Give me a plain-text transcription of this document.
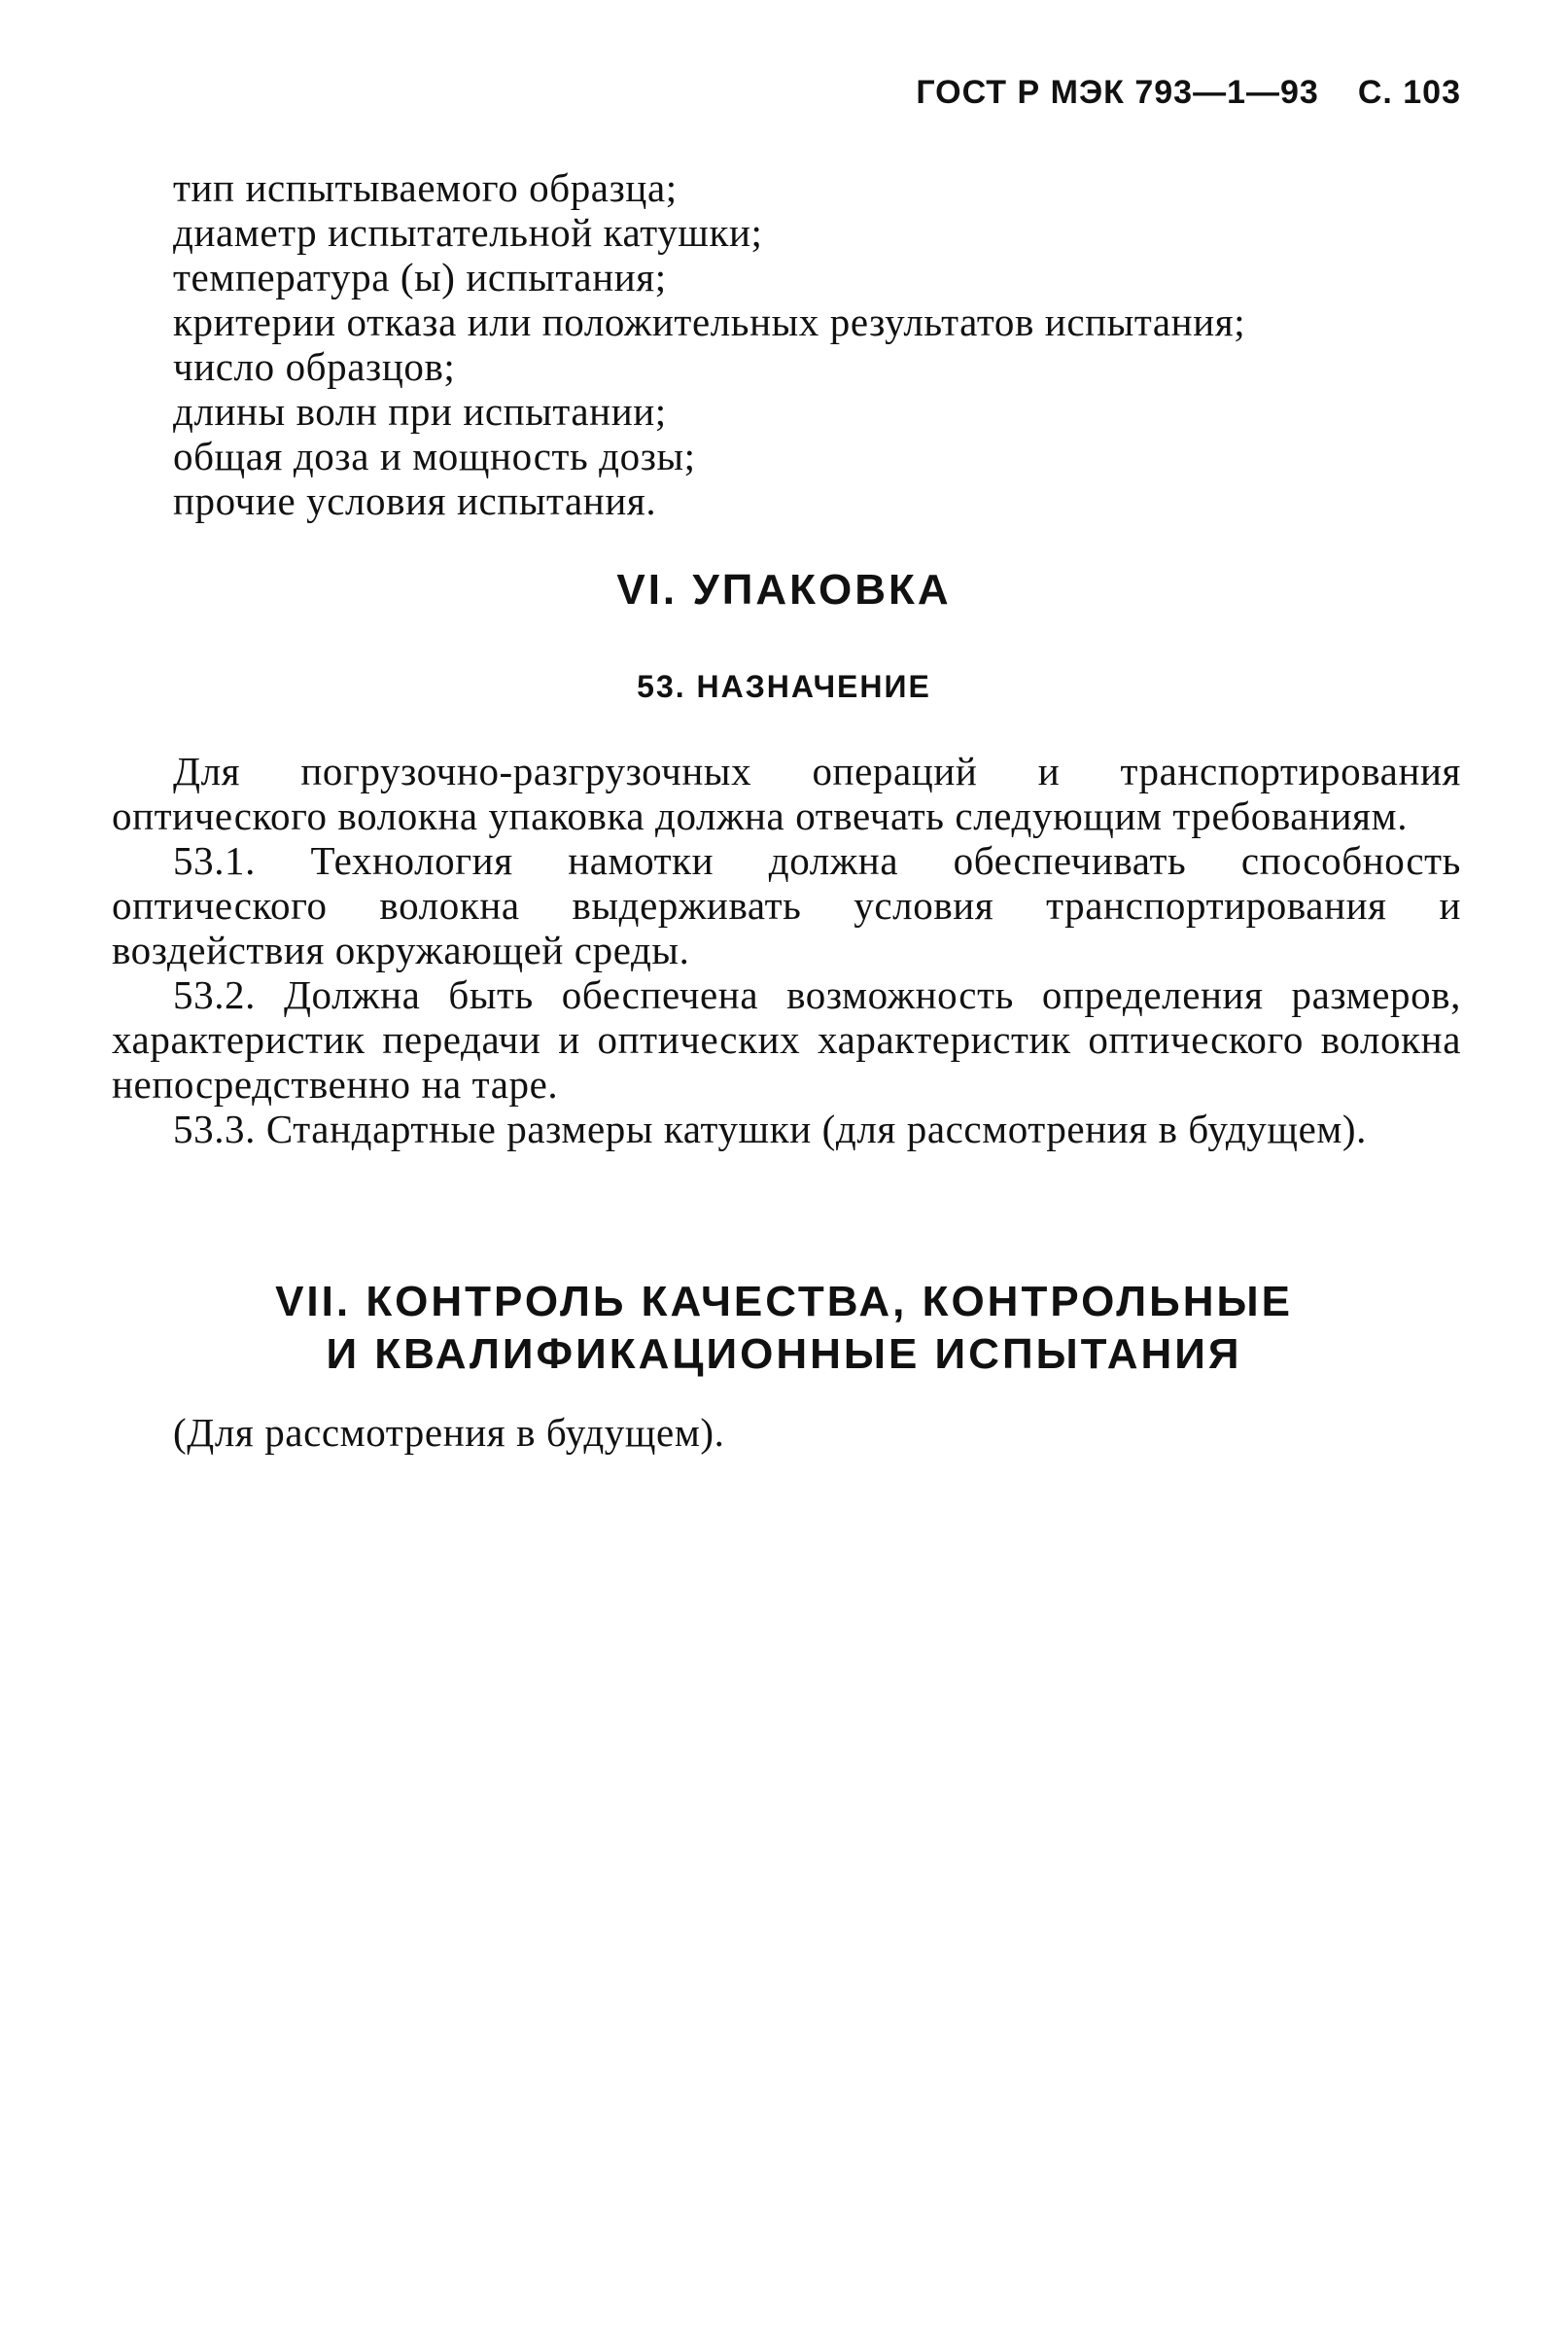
ГОСТ Р МЭК 793—1—93 С. 103
тип испытываемого образца;
диаметр испытательной катушки;
температура (ы) испытания;
критерии отказа или положительных результатов испытания;
число образцов;
длины волн при испытании;
общая доза и мощность дозы;
прочие условия испытания.
VI. УПАКОВКА
53. НАЗНАЧЕНИЕ

Для погрузочно-разгрузочных операций и транспортирования оптического волокна упаковка должна отвечать следующим требованиям.

53.1. Технология намотки должна обеспечивать способность оптического волокна выдерживать условия транспортирования и воздействия окружающей среды.

53.2. Должна быть обеспечена возможность определения размеров, характеристик передачи и оптических характеристик оптического волокна непосредственно на таре.

53.3. Стандартные размеры катушки (для рассмотрения в будущем).

VII. КОНТРОЛЬ КАЧЕСТВА, КОНТРОЛЬНЫЕ
И КВАЛИФИКАЦИОННЫЕ ИСПЫТАНИЯ

(Для рассмотрения в будущем).
